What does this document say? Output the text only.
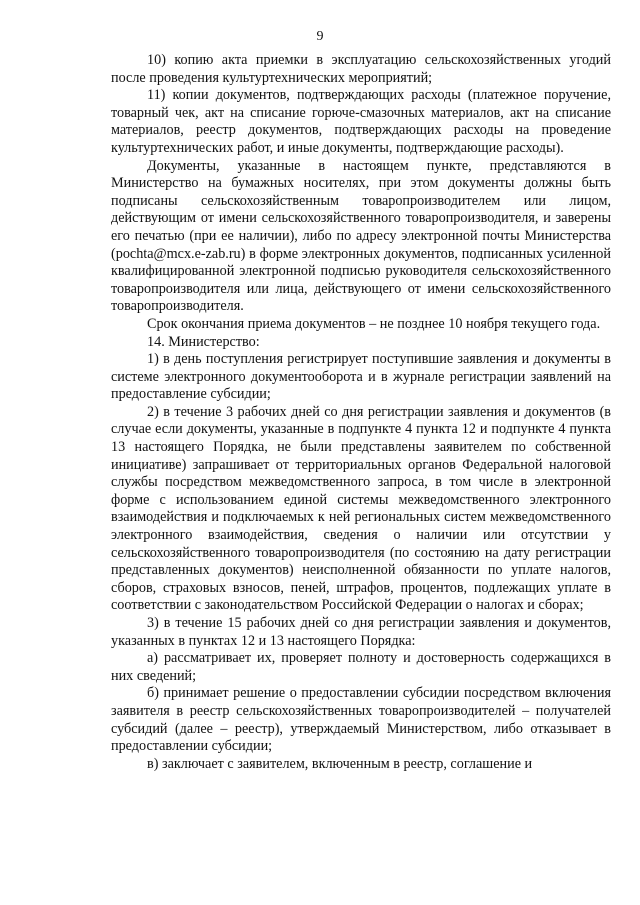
9

10) копию акта приемки в эксплуатацию сельскохозяйственных угодий после проведения культуртехнических мероприятий;

11) копии документов, подтверждающих расходы (платежное поручение, товарный чек, акт на списание горюче-смазочных материалов, акт на списание материалов, реестр документов, подтверждающих расходы на проведение культуртехнических работ, и иные документы, подтверждающие расходы).

Документы, указанные в настоящем пункте, представляются в Министерство на бумажных носителях, при этом документы должны быть подписаны сельскохозяйственным товаропроизводителем или лицом, действующим от имени сельскохозяйственного товаропроизводителя, и заверены его печатью (при ее наличии), либо по адресу электронной почты Министерства (pochta@mcx.e-zab.ru) в форме электронных документов, подписанных усиленной квалифицированной электронной подписью руководителя сельскохозяйственного товаропроизводителя или лица, действующего от имени сельскохозяйственного товаропроизводителя.

Срок окончания приема документов – не позднее 10 ноября текущего года.

14. Министерство:

1) в день поступления регистрирует поступившие заявления и документы в системе электронного документооборота и в журнале регистрации заявлений на предоставление субсидии;

2) в течение 3 рабочих дней со дня регистрации заявления и документов (в случае если документы, указанные в подпункте 4 пункта 12 и подпункте 4 пункта 13 настоящего Порядка, не были представлены заявителем по собственной инициативе) запрашивает от территориальных органов Федеральной налоговой службы посредством межведомственного запроса, в том числе в электронной форме с использованием единой системы межведомственного электронного взаимодействия и подключаемых к ней региональных систем межведомственного электронного взаимодействия, сведения о наличии или отсутствии у сельскохозяйственного товаропроизводителя (по состоянию на дату регистрации представленных документов) неисполненной обязанности по уплате налогов, сборов, страховых взносов, пеней, штрафов, процентов, подлежащих уплате в соответствии с законодательством Российской Федерации о налогах и сборах;

3) в течение 15 рабочих дней со дня регистрации заявления и документов, указанных в пунктах 12 и 13 настоящего Порядка:

а) рассматривает их, проверяет полноту и достоверность содержащихся в них сведений;

б) принимает решение о предоставлении субсидии посредством включения заявителя в реестр сельскохозяйственных товаропроизводителей – получателей субсидий (далее – реестр), утверждаемый Министерством, либо отказывает в предоставлении субсидии;

в) заключает с заявителем, включенным в реестр, соглашение и
